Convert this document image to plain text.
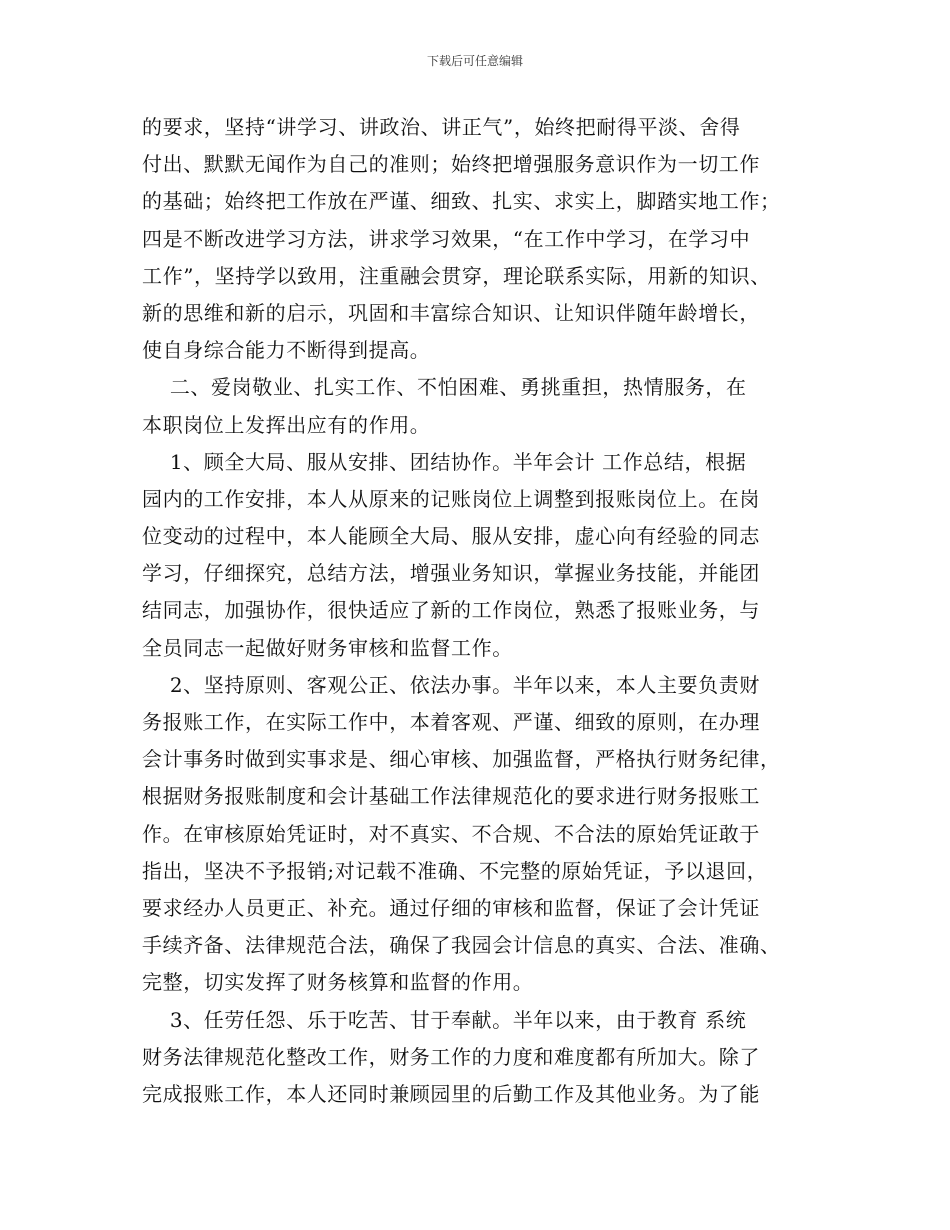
下载后可任意编辑
的要求，坚持“讲学习、讲政治、讲正气”，始终把耐得平淡、舍得
付出、默默无闻作为自己的准则；始终把增强服务意识作为一切工作
的基础；始终把工作放在严谨、细致、扎实、求实上，脚踏实地工作；
四是不断改进学习方法，讲求学习效果，“在工作中学习，在学习中
工作”，坚持学以致用，注重融会贯穿，理论联系实际，用新的知识、
新的思维和新的启示，巩固和丰富综合知识、让知识伴随年龄增长，
使自身综合能力不断得到提高。
二、爱岗敬业、扎实工作、不怕困难、勇挑重担，热情服务，在
本职岗位上发挥出应有的作用。
1、顾全大局、服从安排、团结协作。半年会计 工作总结，根据
园内的工作安排，本人从原来的记账岗位上调整到报账岗位上。在岗
位变动的过程中，本人能顾全大局、服从安排，虚心向有经验的同志
学习，仔细探究，总结方法，增强业务知识，掌握业务技能，并能团
结同志，加强协作，很快适应了新的工作岗位，熟悉了报账业务，与
全员同志一起做好财务审核和监督工作。
2、坚持原则、客观公正、依法办事。半年以来，本人主要负责财
务报账工作，在实际工作中，本着客观、严谨、细致的原则，在办理
会计事务时做到实事求是、细心审核、加强监督，严格执行财务纪律，
根据财务报账制度和会计基础工作法律规范化的要求进行财务报账工
作。在审核原始凭证时，对不真实、不合规、不合法的原始凭证敢于
指出，坚决不予报销;对记载不准确、不完整的原始凭证，予以退回，
要求经办人员更正、补充。通过仔细的审核和监督，保证了会计凭证
手续齐备、法律规范合法，确保了我园会计信息的真实、合法、准确、
完整，切实发挥了财务核算和监督的作用。
3、任劳任怨、乐于吃苦、甘于奉献。半年以来，由于教育 系统
财务法律规范化整改工作，财务工作的力度和难度都有所加大。除了
完成报账工作，本人还同时兼顾园里的后勤工作及其他业务。为了能
